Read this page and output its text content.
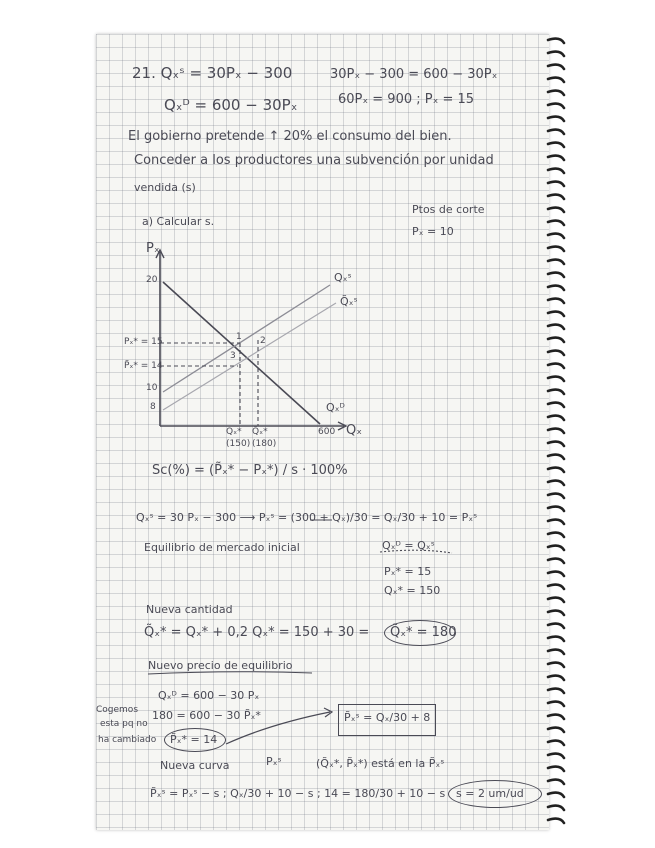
21. Qₓˢ = 30Pₓ − 300	30Pₓ − 300 = 600 − 30Pₓ
Qₓᴰ = 600 − 30Pₓ	60Pₓ = 900 ; Pₓ = 15
El gobierno pretende ↑ 20% el consumo del bien.
Conceder a los productores una subvención por unidad
vendida (s)
a) Calcular s.
Ptos de corte
Pₓ = 10
Pₓ
20
Pₓ* = 15
P̃ₓ* = 14
10
8
Qₓ*
(150)
Q̃ₓ*
(180)
600 Qₓ
Qₓˢ
Q̃ₓˢ
Qₓᴰ
1 2
3
Sc(%) = (P̃ₓ* − Pₓ*) / s · 100%
Qₓˢ = 30 Pₓ − 300 ⟶ Pₓˢ = (300 + Qₓ)/30 = Qₓ/30 + 10 = Pₓˢ
Equilibrio de mercado inicial	Qₓᴰ = Qₓˢ
Pₓ* = 15
Qₓ* = 150
Nueva cantidad
Q̃ₓ* = Qₓ* + 0,2 Qₓ* = 150 + 30 = Q̃ₓ* = 180
Nuevo precio de equilibrio
Qₓᴰ = 600 − 30 Pₓ
180 = 600 − 30 P̃ₓ*
P̃ₓ* = 14
Cogemos
esta pq no
ha cambiado
P̃ₓˢ = Qₓ/30 + 8
Nueva curva	Pₓˢ	(Q̃ₓ*, P̃ₓ*) está en la P̃ₓˢ
P̃ₓˢ = Pₓˢ − s ; Qₓ/30 + 10 − s ; 14 = 180/30 + 10 − s s = 2 um/ud
